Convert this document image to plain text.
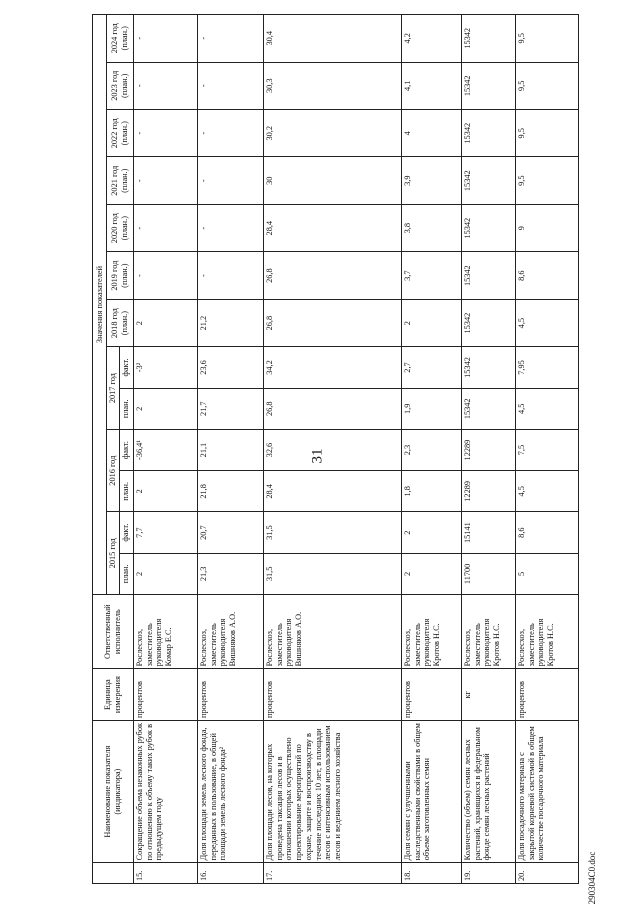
31
290304С0.doc
	Наименование показателя (индикатора)	Единица измерения	Ответственный исполнитель	Значения показателей												
				2015 год		2016 год		2017 год		2018 год (план.)	2019 год (план.)	2020 год (план.)	2021 год (план.)	2022 год (план.)	2023 год (план.)	2024 год (план.)
				план.	факт.	план.	факт.	план.	факт.							
15.	Сокращение объема незаконных рубок по отношению к объему таких рубок в предыдущем году	процентов	Рослесхоз, заместитель руководителя Комар Е.С.	2	7,7	2	-36,4¹	2	-3²	2	-	-	-	-	-	-
16.	Доля площади земель лесного фонда, переданных в пользование, в общей площади земель лесного фонда²	процентов	Рослесхоз, заместитель руководителя Вишняков А.О.	21,3	20,7	21,8	21,1	21,7	23,6	21,2	-	-	-	-	-	-
17.	Доля площади лесов, на которых проведена таксация лесов и в отношении которых осуществлено проектирование мероприятий по охране, защите и воспроизводству в течение последних 10 лет, в площади лесов с интенсивным использованием лесов и ведением лесного хозяйства	процентов	Рослесхоз, заместитель руководителя Вишняков А.О.	31,5	31,5	28,4	32,6	26,8	34,2	26,8	26,8	28,4	30	30,2	30,3	30,4
18.	Доля семян с улучшенными наследственными свойствами в общем объеме заготовленных семян	процентов	Рослесхоз, заместитель руководителя Кротов Н.С.	2	2	1,8	2,3	1,9	2,7	2	3,7	3,8	3,9	4	4,1	4,2
19.	Количество (объем) семян лесных растений, хранящихся в федеральном фонде семян лесных растений	кг	Рослесхоз, заместитель руководителя Кротов Н.С.	11700	15141	12289	12289	15342	15342	15342	15342	15342	15342	15342	15342	15342
20.	Доля посадочного материала с закрытой корневой системой в общем количестве посадочного материала	процентов	Рослесхоз, заместитель руководителя Кротов Н.С.	5	8,6	4,5	7,5	4,5	7,95	4,5	8,6	9	9,5	9,5	9,5	9,5
